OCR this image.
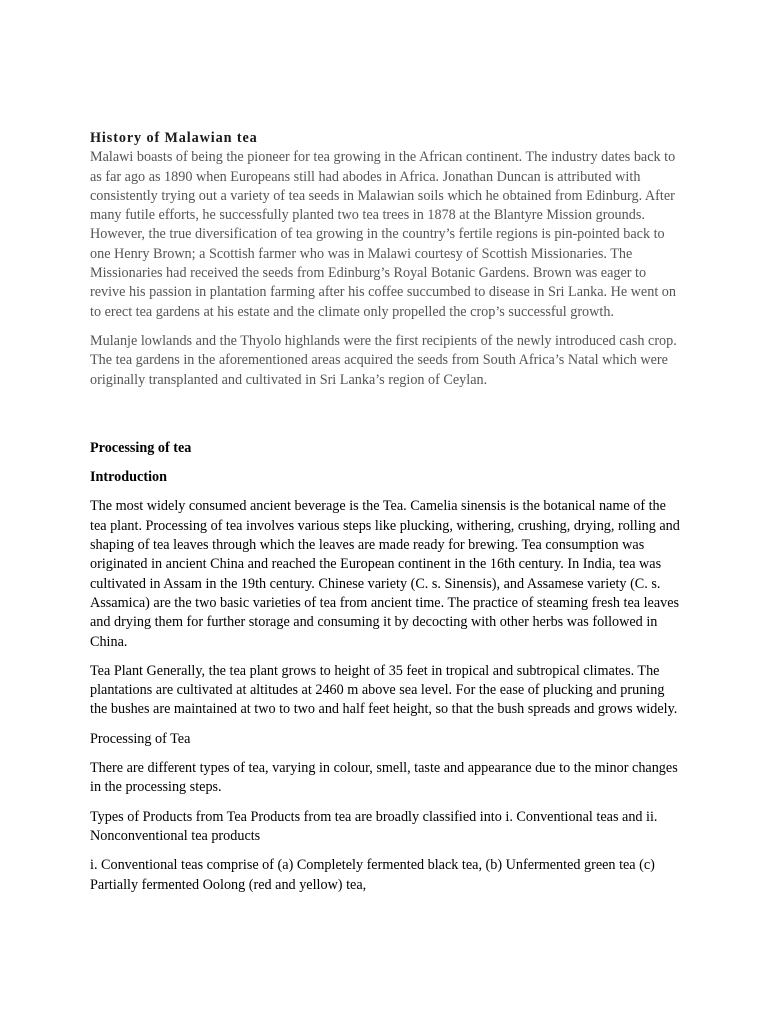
History of Malawian tea

Malawi boasts of being the pioneer for tea growing in the African continent. The industry dates back to as far ago as 1890 when Europeans still had abodes in Africa. Jonathan Duncan is attributed with consistently trying out a variety of tea seeds in Malawian soils which he obtained from Edinburg. After many futile efforts, he successfully planted two tea trees in 1878 at the Blantyre Mission grounds. However, the true diversification of tea growing in the country’s fertile regions is pin-pointed back to one Henry Brown; a Scottish farmer who was in Malawi courtesy of Scottish Missionaries. The Missionaries had received the seeds from Edinburg’s Royal Botanic Gardens. Brown was eager to revive his passion in plantation farming after his coffee succumbed to disease in Sri Lanka. He went on to erect tea gardens at his estate and the climate only propelled the crop’s successful growth.

Mulanje lowlands and the Thyolo highlands were the first recipients of the newly introduced cash crop. The tea gardens in the aforementioned areas acquired the seeds from South Africa’s Natal which were originally transplanted and cultivated in Sri Lanka’s region of Ceylan.

Processing of tea
Introduction

The most widely consumed ancient beverage is the Tea. Camelia sinensis is the botanical name of the tea plant. Processing of tea involves various steps like plucking, withering, crushing, drying, rolling and shaping of tea leaves through which the leaves are made ready for brewing. Tea consumption was originated in ancient China and reached the European continent in the 16th century. In India, tea was cultivated in Assam in the 19th century. Chinese variety (C. s. Sinensis), and Assamese variety (C. s. Assamica) are the two basic varieties of tea from ancient time. The practice of steaming fresh tea leaves and drying them for further storage and consuming it by decocting with other herbs was followed in China.

Tea Plant Generally, the tea plant grows to height of 35 feet in tropical and subtropical climates. The plantations are cultivated at altitudes at 2460 m above sea level. For the ease of plucking and pruning the bushes are maintained at two to two and half feet height, so that the bush spreads and grows widely.

Processing of Tea

There are different types of tea, varying in colour, smell, taste and appearance due to the minor changes in the processing steps.

Types of Products from Tea Products from tea are broadly classified into i. Conventional teas and ii. Nonconventional tea products

i. Conventional teas comprise of (a) Completely fermented black tea, (b) Unfermented green tea (c) Partially fermented Oolong (red and yellow) tea,
